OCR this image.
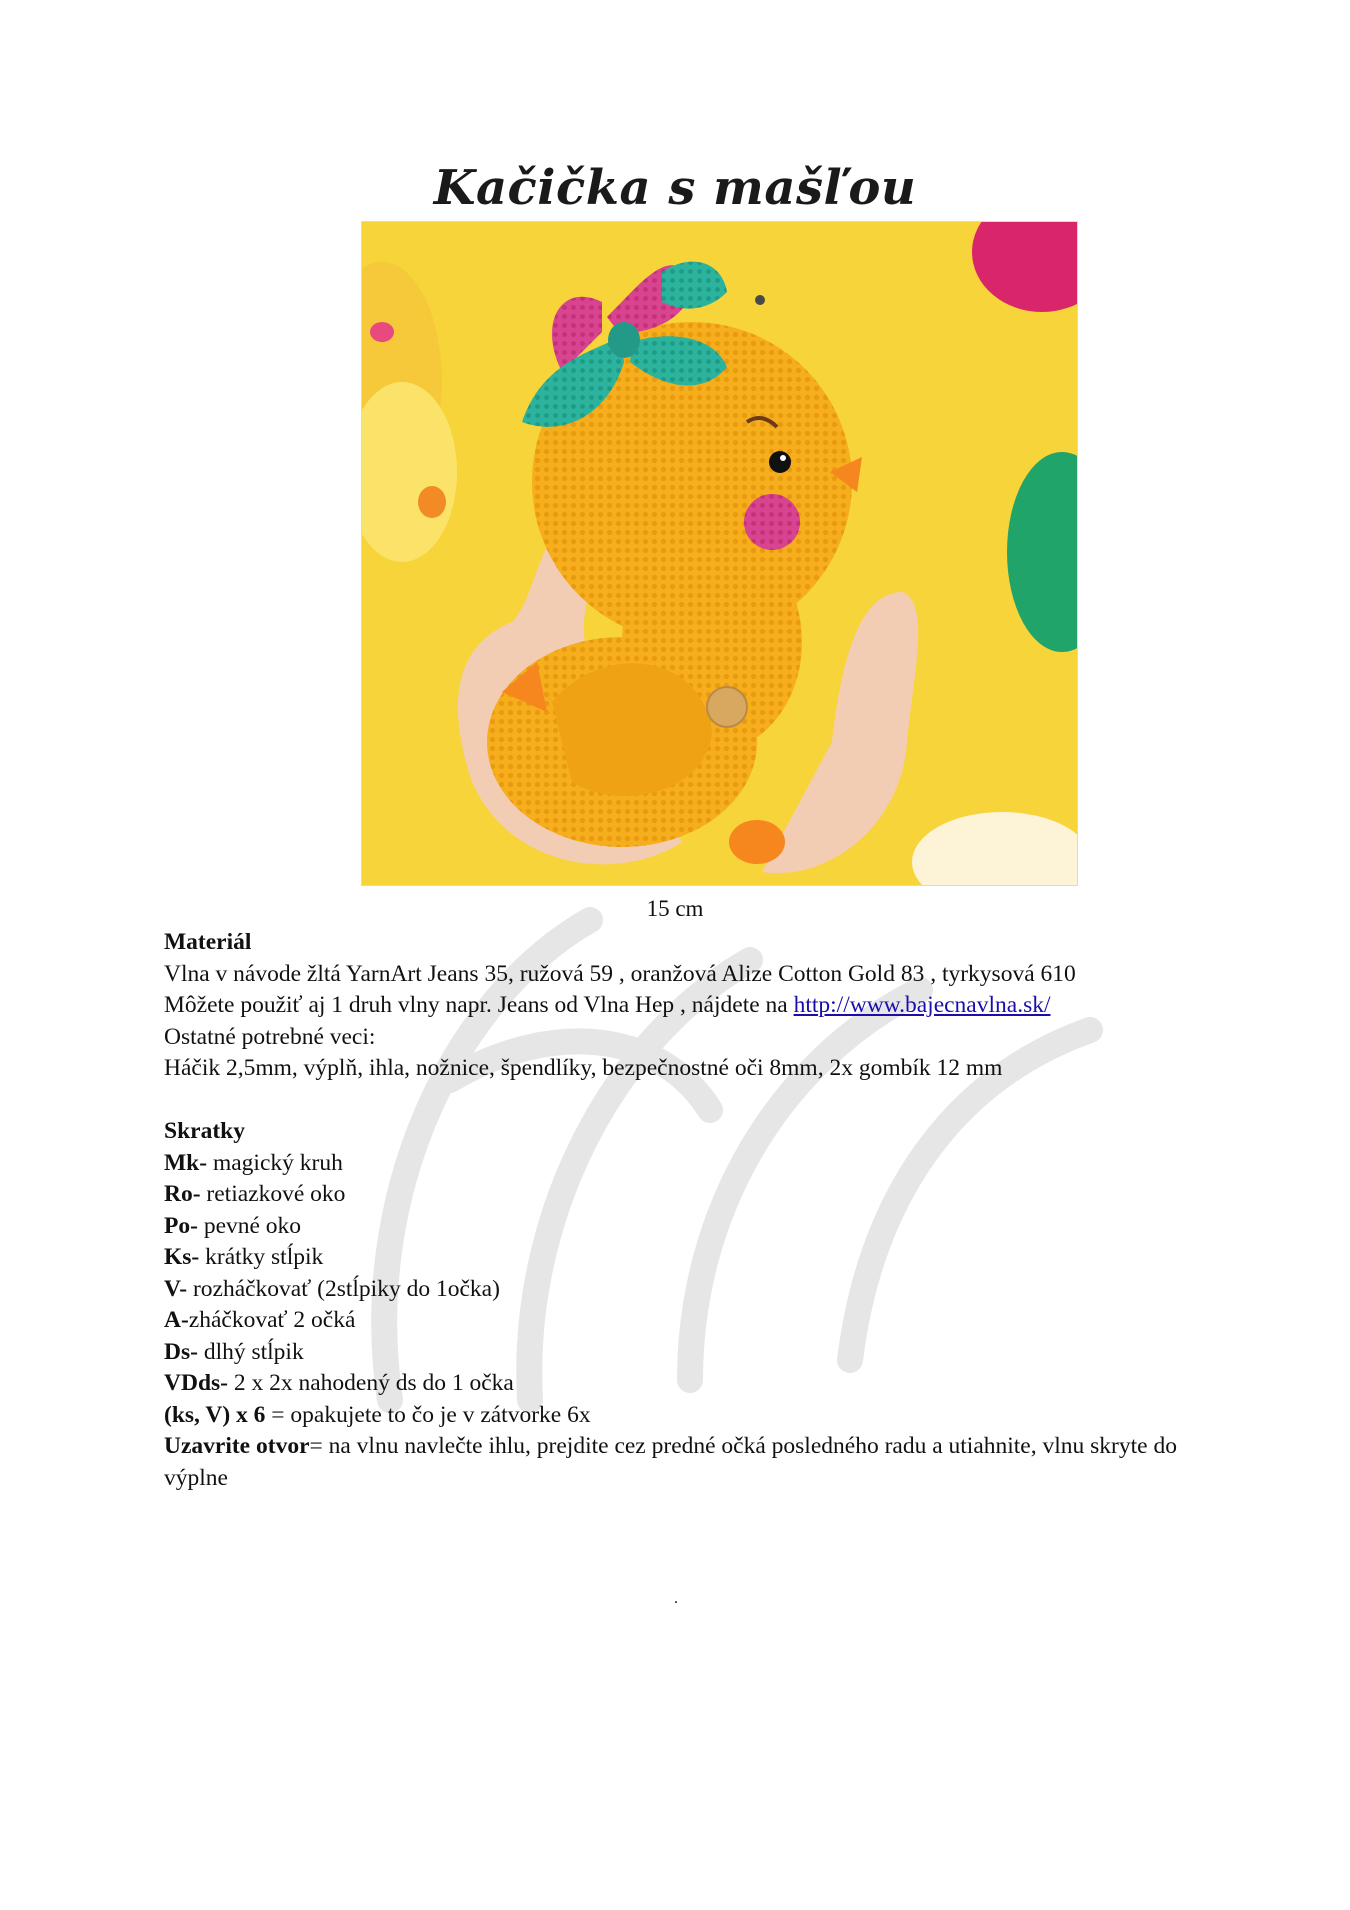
Kačička s mašľou
15 cm

Materiál

Vlna v návode žltá YarnArt Jeans 35, ružová 59 , oranžová Alize Cotton Gold 83 , tyrkysová 610

Môžete použiť aj 1 druh vlny napr. Jeans od Vlna Hep , nájdete na http://www.bajecnavlna.sk/

Ostatné potrebné veci:

Háčik 2,5mm, výplň, ihla, nožnice, špendlíky, bezpečnostné oči 8mm, 2x gombík 12 mm

Skratky

Mk- magický kruh

Ro- retiazkové oko

Po- pevné oko

Ks- krátky stĺpik

V- rozháčkovať (2stĺpiky do 1očka)

A-zháčkovať 2 očká

Ds- dlhý stĺpik

VDds- 2 x 2x nahodený ds do 1 očka

(ks, V) x 6 = opakujete to čo je v zátvorke 6x

Uzavrite otvor= na vlnu navlečte ihlu, prejdite cez predné očká posledného radu a utiahnite, vlnu skryte do výplne

.
